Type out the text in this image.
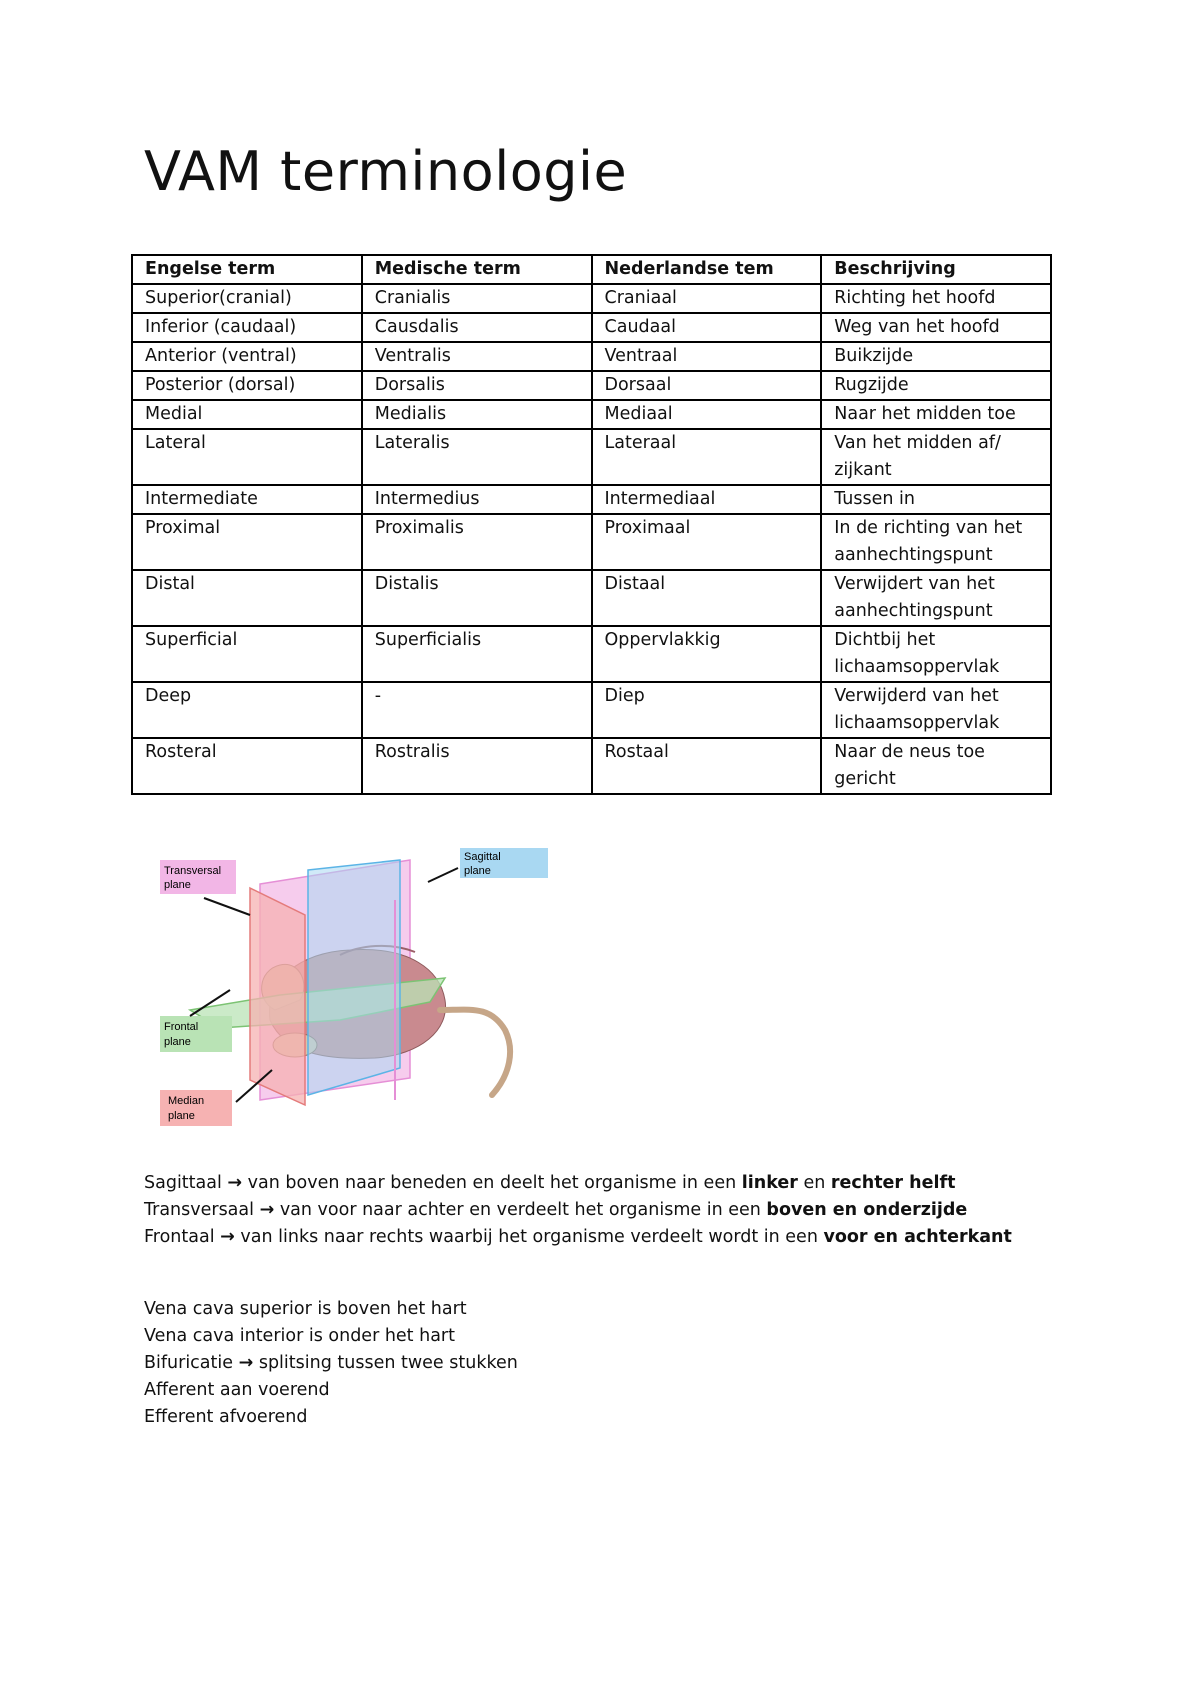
VAM terminologie
Engelse term	Medische term	Nederlandse tem	Beschrijving
Superior(cranial)	Cranialis	Craniaal	Richting het hoofd
Inferior (caudaal)	Causdalis	Caudaal	Weg van het hoofd
Anterior (ventral)	Ventralis	Ventraal	Buikzijde
Posterior (dorsal)	Dorsalis	Dorsaal	Rugzijde
Medial	Medialis	Mediaal	Naar het midden toe
Lateral	Lateralis	Lateraal	Van het midden af/ zijkant
Intermediate	Intermedius	Intermediaal	Tussen in
Proximal	Proximalis	Proximaal	In de richting van het aanhechtingspunt
Distal	Distalis	Distaal	Verwijdert van het aanhechtingspunt
Superficial	Superficialis	Oppervlakkig	Dichtbij het lichaamsoppervlak
Deep	-	Diep	Verwijderd van het lichaamsoppervlak
Rosteral	Rostralis	Rostaal	Naar de neus toe gericht
Transversal
plane
Sagittal
plane
Frontal
plane
Median
plane

Sagittaal → van boven naar beneden en deelt het organisme in een linker en rechter helft

Transversaal → van voor naar achter en verdeelt het organisme in een boven en onderzijde

Frontaal → van links naar rechts waarbij het organisme verdeelt wordt in een voor en achterkant

Vena cava superior is boven het hart

Vena cava interior is onder het hart

Bifuricatie → splitsing tussen twee stukken

Afferent aan voerend

Efferent afvoerend
